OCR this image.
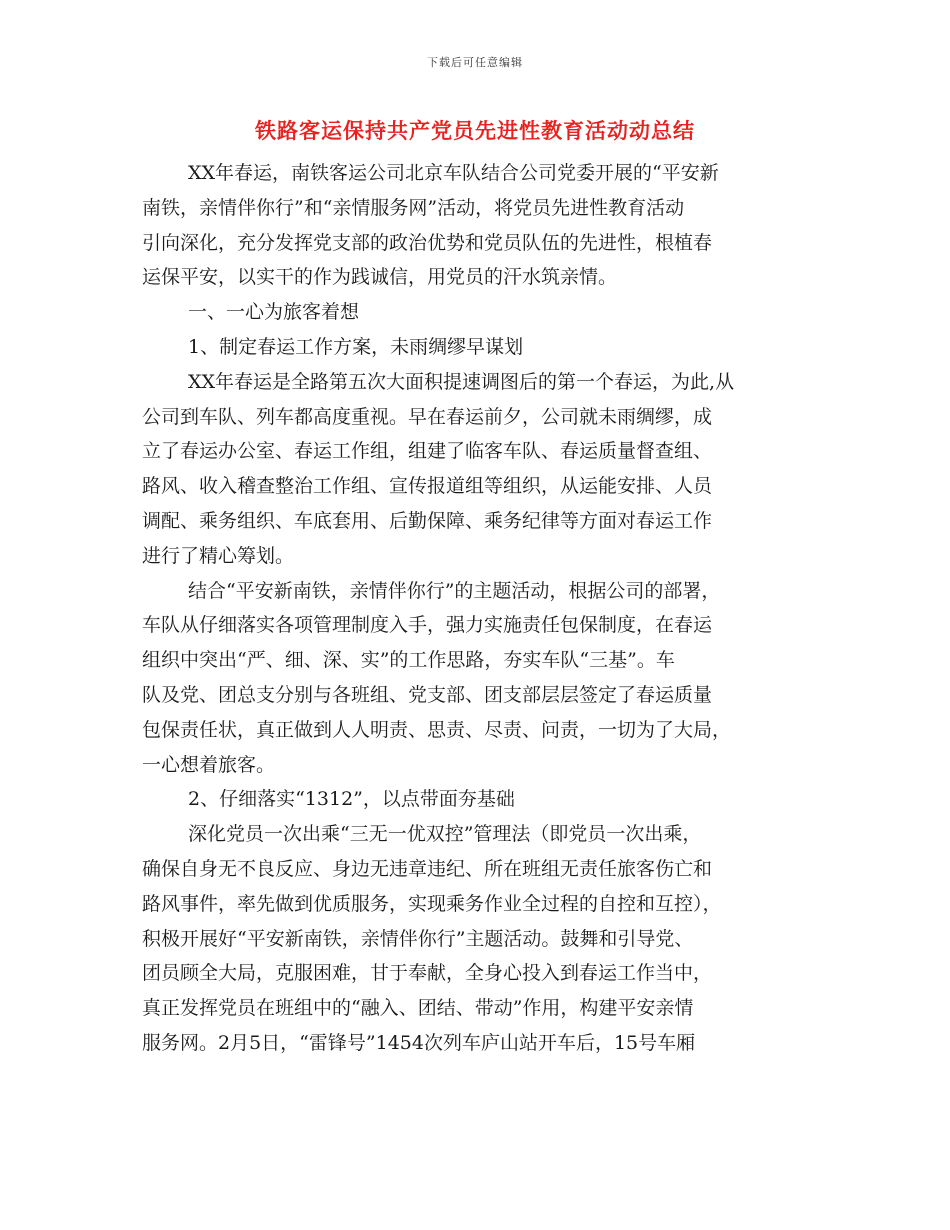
下载后可任意编辑
铁路客运保持共产党员先进性教育活动动总结
XX年春运，南铁客运公司北京车队结合公司党委开展的“平安新
南铁，亲情伴你行”和“亲情服务网”活动，将党员先进性教育活动
引向深化，充分发挥党支部的政治优势和党员队伍的先进性，根植春
运保平安，以实干的作为践诚信，用党员的汗水筑亲情。
一、一心为旅客着想
1、制定春运工作方案，未雨绸缪早谋划
XX年春运是全路第五次大面积提速调图后的第一个春运，为此,从
公司到车队、列车都高度重视。早在春运前夕，公司就未雨绸缪，成
立了春运办公室、春运工作组，组建了临客车队、春运质量督查组、
路风、收入稽查整治工作组、宣传报道组等组织，从运能安排、人员
调配、乘务组织、车底套用、后勤保障、乘务纪律等方面对春运工作
进行了精心筹划。
结合“平安新南铁，亲情伴你行”的主题活动，根据公司的部署，
车队从仔细落实各项管理制度入手，强力实施责任包保制度，在春运
组织中突出“严、细、深、实”的工作思路，夯实车队“三基”。车
队及党、团总支分别与各班组、党支部、团支部层层签定了春运质量
包保责任状，真正做到人人明责、思责、尽责、问责，一切为了大局，
一心想着旅客。
2、仔细落实“1312”，以点带面夯基础
深化党员一次出乘“三无一优双控”管理法（即党员一次出乘，
确保自身无不良反应、身边无违章违纪、所在班组无责任旅客伤亡和
路风事件，率先做到优质服务，实现乘务作业全过程的自控和互控），
积极开展好“平安新南铁，亲情伴你行”主题活动。鼓舞和引导党、
团员顾全大局，克服困难，甘于奉献，全身心投入到春运工作当中，
真正发挥党员在班组中的“融入、团结、带动”作用，构建平安亲情
服务网。2月5日，“雷锋号”1454次列车庐山站开车后，15号车厢
